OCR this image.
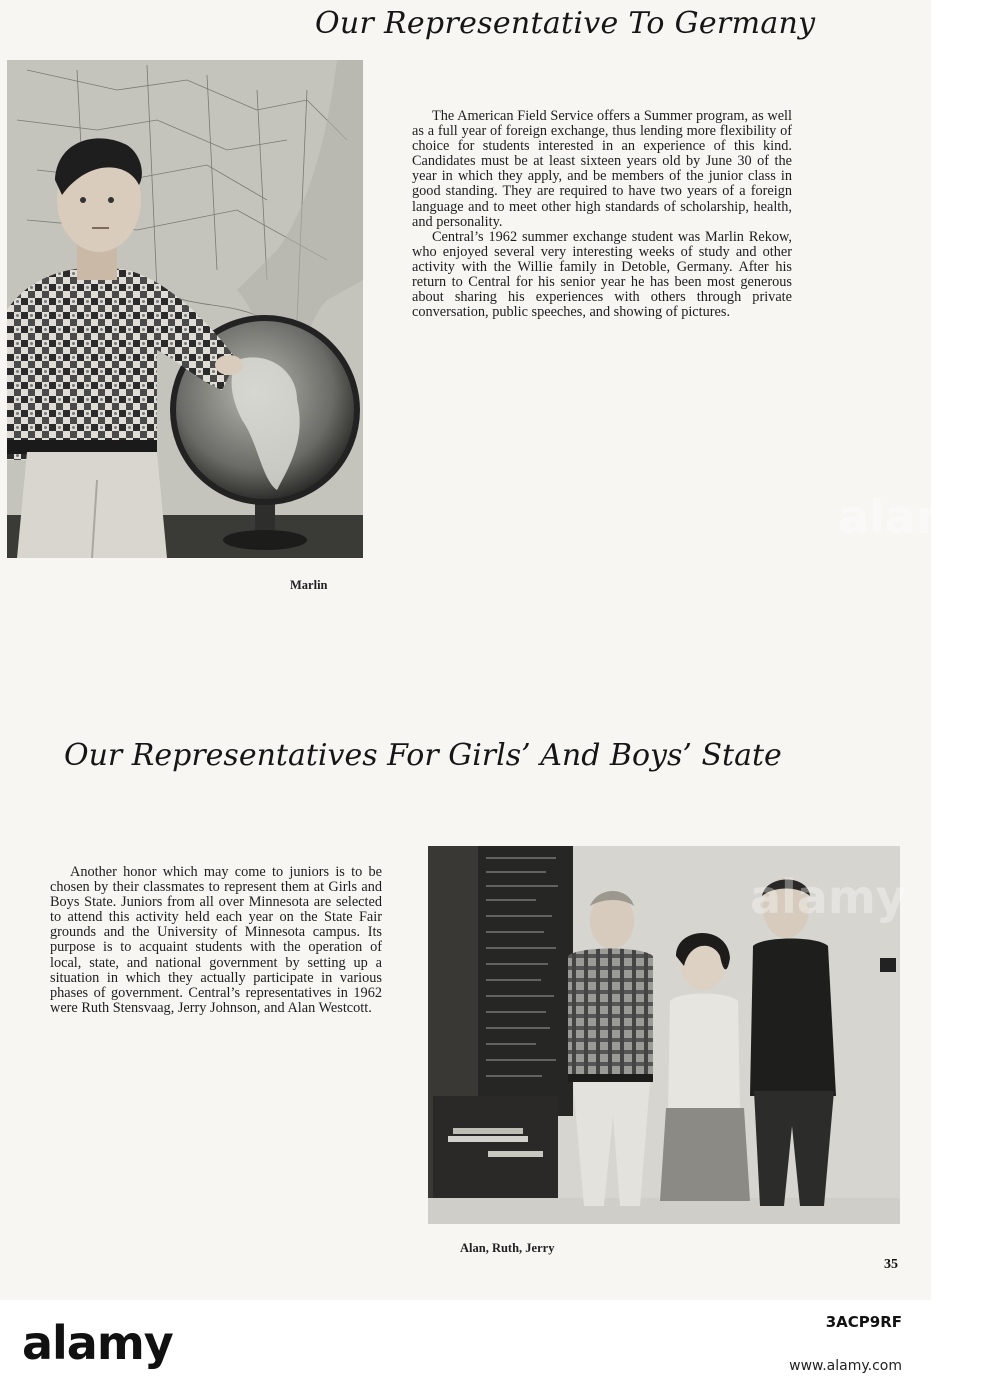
Our Representative To Germany

The American Field Service offers a Summer program, as well as a full year of foreign exchange, thus lending more flexibility of choice for students interested in an experience of this kind. Candidates must be at least sixteen years old by June 30 of the year in which they apply, and be members of the junior class in good standing. They are required to have two years of a foreign language and to meet other high standards of scholarship, health, and personality.

Central’s 1962 summer exchange student was Marlin Rekow, who enjoyed several very interesting weeks of study and other activity with the Willie family in Detoble, Germany. After his return to Central for his senior year he has been most generous about sharing his experiences with others through private conversation, public speeches, and showing of pictures.

Marlin
Our Representatives For Girls’ And Boys’ State

Another honor which may come to juniors is to be chosen by their classmates to represent them at Girls and Boys State. Juniors from all over Minnesota are selected to attend this activity held each year on the State Fair grounds and the University of Minnesota campus. Its purpose is to acquaint students with the operation of local, state, and national government by setting up a situation in which they actually participate in various phases of government. Central’s representatives in 1962 were Ruth Stensvaag, Jerry Johnson, and Alan Westcott.

Alan, Ruth, Jerry
35
alamy
alamy
alamy	3ACP9RF
www.alamy.com
